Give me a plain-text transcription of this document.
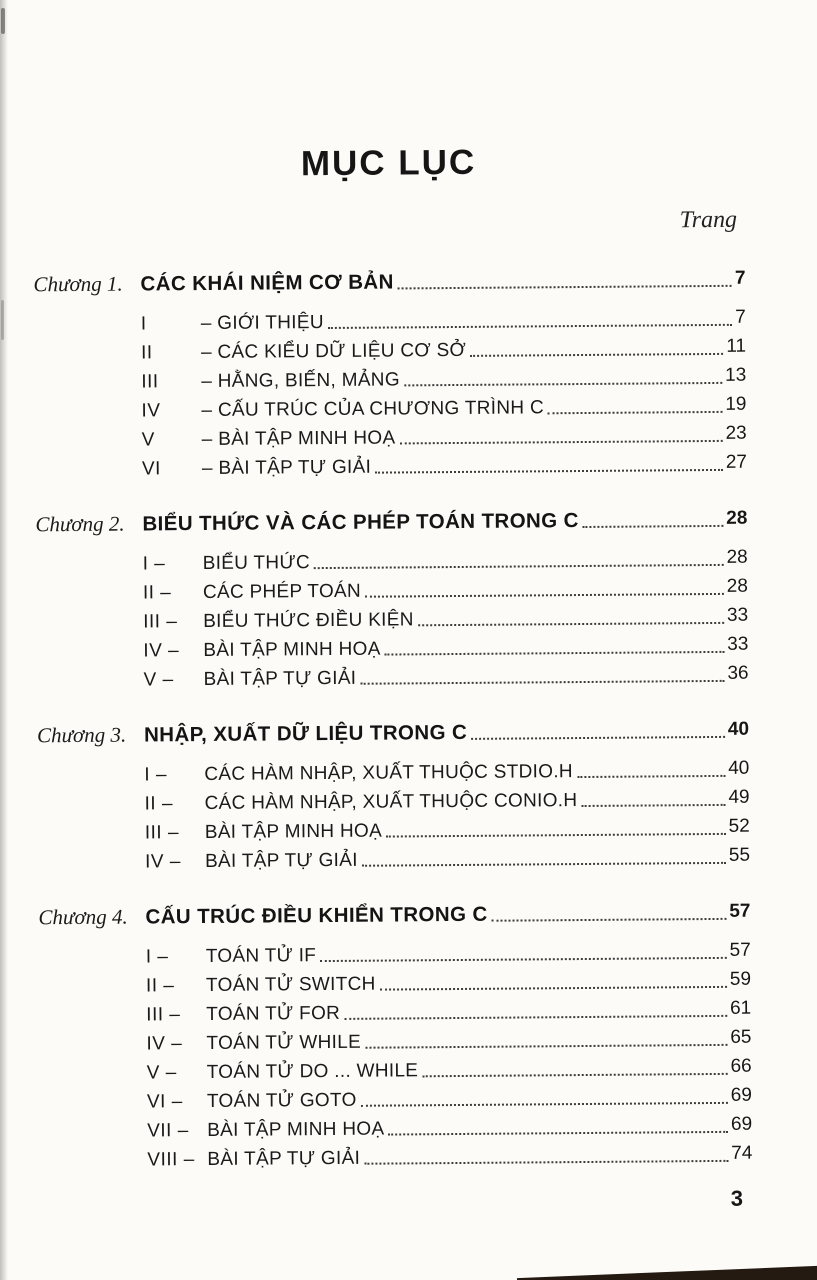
MỤC LỤC
Trang
Chương 1. CÁC KHÁI NIỆM CƠ BẢN	7
I	– GIỚI THIỆU	7
II	– CÁC KIỂU DỮ LIỆU CƠ SỞ	11
III	– HẰNG, BIẾN, MẢNG	13
IV	– CẤU TRÚC CỦA CHƯƠNG TRÌNH C	19
V	– BÀI TẬP MINH HOẠ	23
VI	– BÀI TẬP TỰ GIẢI	27
Chương 2. BIỂU THỨC VÀ CÁC PHÉP TOÁN TRONG C	28
I –	BIỂU THỨC	28
II –	CÁC PHÉP TOÁN	28
III –	BIỂU THỨC ĐIỀU KIỆN	33
IV –	BÀI TẬP MINH HOẠ	33
V –	BÀI TẬP TỰ GIẢI	36
Chương 3. NHẬP, XUẤT DỮ LIỆU TRONG C	40
I –	CÁC HÀM NHẬP, XUẤT THUỘC STDIO.H	40
II –	CÁC HÀM NHẬP, XUẤT THUỘC CONIO.H	49
III –	BÀI TẬP MINH HOẠ	52
IV –	BÀI TẬP TỰ GIẢI	55
Chương 4. CẤU TRÚC ĐIỀU KHIỂN TRONG C	57
I –	TOÁN TỬ IF	57
II –	TOÁN TỬ SWITCH	59
III –	TOÁN TỬ FOR	61
IV –	TOÁN TỬ WHILE	65
V –	TOÁN TỬ DO ... WHILE	66
VI –	TOÁN TỬ GOTO	69
VII – BÀI TẬP MINH HOẠ	69
VIII – BÀI TẬP TỰ GIẢI	74
3
